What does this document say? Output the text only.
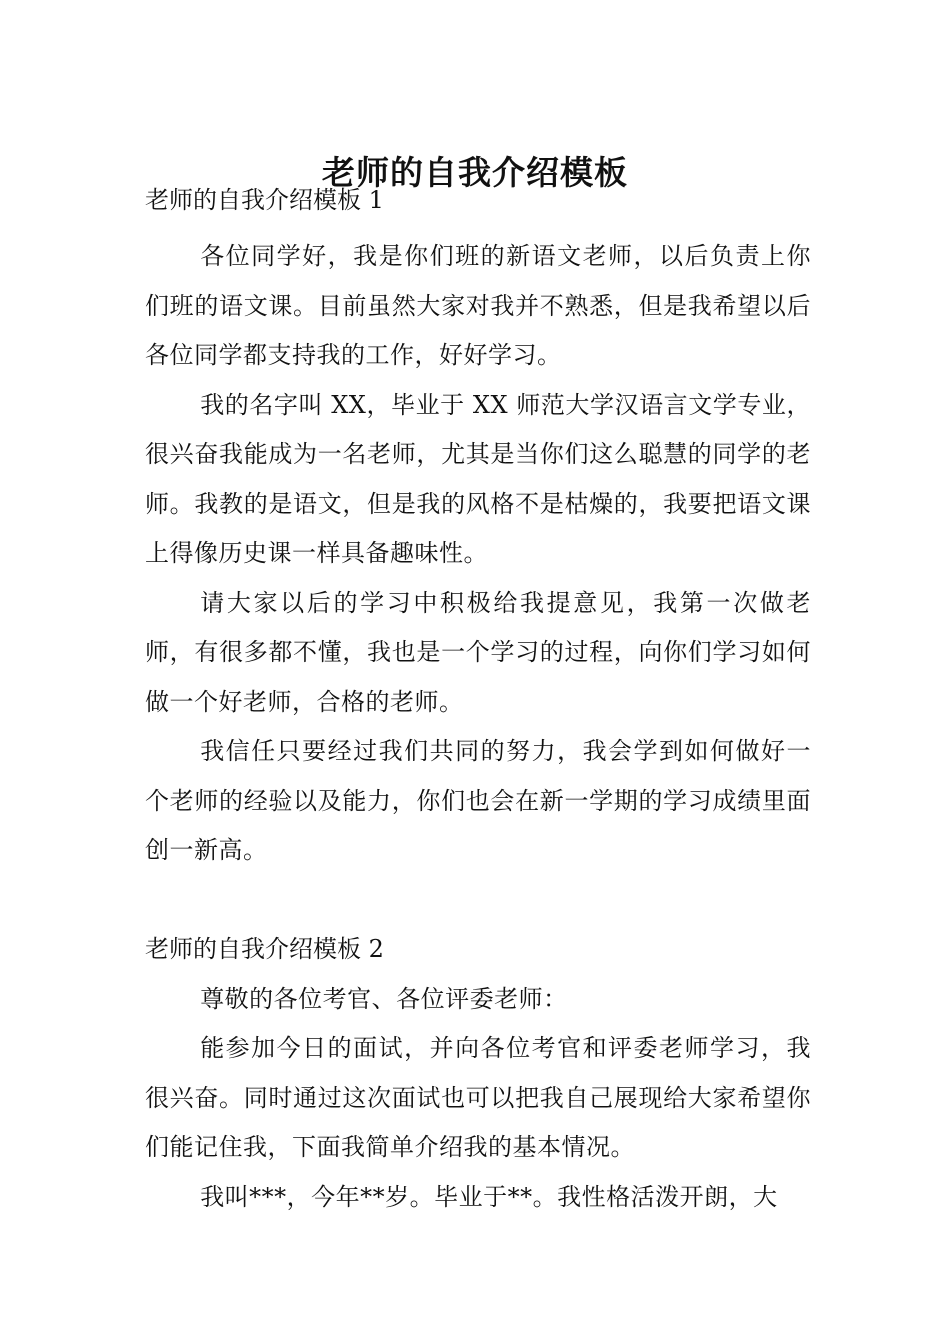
老师的自我介绍模板

老师的自我介绍模板 1

各位同学好，我是你们班的新语文老师，以后负责上你们班的语文课。目前虽然大家对我并不熟悉，但是我希望以后各位同学都支持我的工作，好好学习。

我的名字叫 XX，毕业于 XX 师范大学汉语言文学专业，很兴奋我能成为一名老师，尤其是当你们这么聪慧的同学的老师。我教的是语文，但是我的风格不是枯燥的，我要把语文课上得像历史课一样具备趣味性。

请大家以后的学习中积极给我提意见，我第一次做老师，有很多都不懂，我也是一个学习的过程，向你们学习如何做一个好老师，合格的老师。

我信任只要经过我们共同的努力，我会学到如何做好一个老师的经验以及能力，你们也会在新一学期的学习成绩里面创一新高。

老师的自我介绍模板 2

尊敬的各位考官、各位评委老师：

能参加今日的面试，并向各位考官和评委老师学习，我很兴奋。同时通过这次面试也可以把我自己展现给大家希望你们能记住我，下面我简单介绍我的基本情况。

我叫***，今年**岁。毕业于**。我性格活泼开朗，大
